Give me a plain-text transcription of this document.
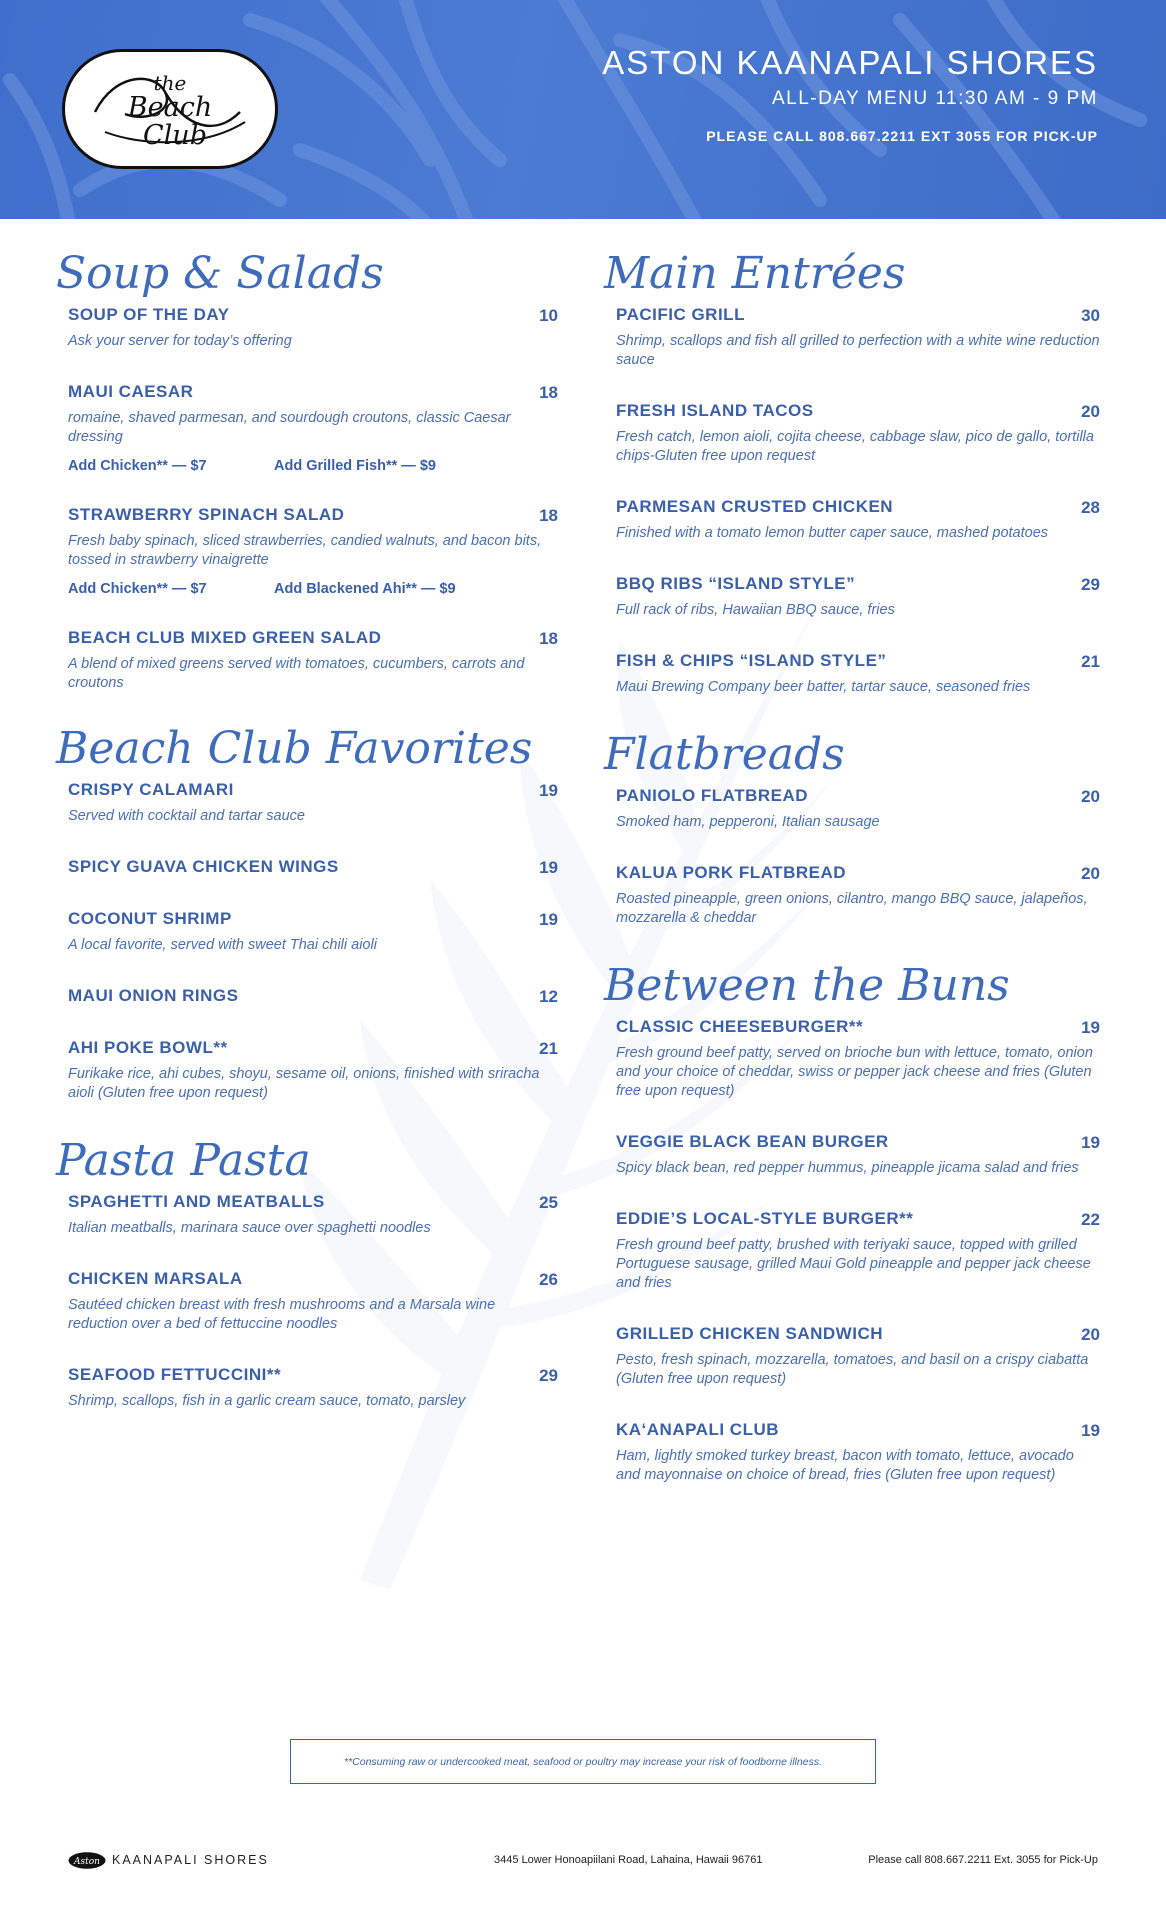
the
Beach
Club
ASTON KAANAPALI SHORES
ALL-DAY MENU 11:30 AM - 9 PM
PLEASE CALL 808.667.2211 EXT 3055 FOR PICK-UP
Soup & Salads
SOUP OF THE DAY	10
Ask your server for today’s offering
MAUI CAESAR	18
romaine, shaved parmesan, and sourdough croutons, classic Caesar dressing
Add Chicken** — $7	Add Grilled Fish** — $9
STRAWBERRY SPINACH SALAD	18
Fresh baby spinach, sliced strawberries, candied walnuts, and bacon bits, tossed in strawberry vinaigrette
Add Chicken** — $7	Add Blackened Ahi** — $9
BEACH CLUB MIXED GREEN SALAD	18
A blend of mixed greens served with tomatoes, cucumbers, carrots and croutons
Beach Club Favorites
CRISPY CALAMARI	19
Served with cocktail and tartar sauce
SPICY GUAVA CHICKEN WINGS	19
COCONUT SHRIMP	19
A local favorite, served with sweet Thai chili aioli
MAUI ONION RINGS	12
AHI POKE BOWL**	21
Furikake rice, ahi cubes, shoyu, sesame oil, onions, finished with sriracha aioli (Gluten free upon request)
Pasta Pasta
SPAGHETTI AND MEATBALLS	25
Italian meatballs, marinara sauce over spaghetti noodles
CHICKEN MARSALA	26
Sautéed chicken breast with fresh mushrooms and a Marsala wine reduction over a bed of fettuccine noodles
SEAFOOD FETTUCCINI**	29
Shrimp, scallops, fish in a garlic cream sauce, tomato, parsley
Main Entrées
PACIFIC GRILL	30
Shrimp, scallops and fish all grilled to perfection with a white wine reduction sauce
FRESH ISLAND TACOS	20
Fresh catch, lemon aioli, cojita cheese, cabbage slaw, pico de gallo, tortilla chips-Gluten free upon request
PARMESAN CRUSTED CHICKEN	28
Finished with a tomato lemon butter caper sauce, mashed potatoes
BBQ RIBS “ISLAND STYLE”	29
Full rack of ribs, Hawaiian BBQ sauce, fries
FISH & CHIPS “ISLAND STYLE”	21
Maui Brewing Company beer batter, tartar sauce, seasoned fries
Flatbreads
PANIOLO FLATBREAD	20
Smoked ham, pepperoni, Italian sausage
KALUA PORK FLATBREAD	20
Roasted pineapple, green onions, cilantro, mango BBQ sauce, jalapeños, mozzarella & cheddar
Between the Buns
CLASSIC CHEESEBURGER**	19
Fresh ground beef patty, served on brioche bun with lettuce, tomato, onion and your choice of cheddar, swiss or pepper jack cheese and fries (Gluten free upon request)
VEGGIE BLACK BEAN BURGER	19
Spicy black bean, red pepper hummus, pineapple jicama salad and fries
EDDIE’S LOCAL-STYLE BURGER**	22
Fresh ground beef patty, brushed with teriyaki sauce, topped with grilled Portuguese sausage, grilled Maui Gold pineapple and pepper jack cheese and fries
GRILLED CHICKEN SANDWICH	20
Pesto, fresh spinach, mozzarella, tomatoes, and basil on a crispy ciabatta (Gluten free upon request)
KA‘ANAPALI CLUB	19
Ham, lightly smoked turkey breast, bacon with tomato, lettuce, avocado and mayonnaise on choice of bread, fries (Gluten free upon request)
**Consuming raw or undercooked meat, seafood or poultry may increase your risk of foodborne illness.
Aston KAANAPALI SHORES	3445 Lower Honoapiilani Road, Lahaina, Hawaii 96761	Please call 808.667.2211 Ext. 3055 for Pick-Up
